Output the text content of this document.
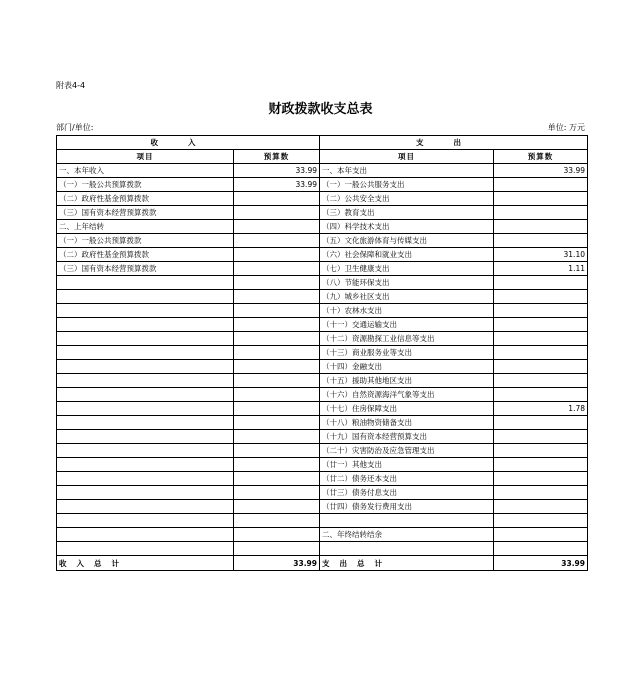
附表4-4
财政拨款收支总表
部门/单位:	单位: 万元
收入		支出	
项目	预算数	项目	预算数
一、本年收入	33.99	一、本年支出	33.99
（一）一般公共预算拨款	33.99	（一）一般公共服务支出	
（二）政府性基金预算拨款		（二）公共安全支出	
（三）国有资本经营预算拨款		（三）教育支出	
二、上年结转		（四）科学技术支出	
（一）一般公共预算拨款		（五）文化旅游体育与传媒支出	
（二）政府性基金预算拨款		（六）社会保障和就业支出	31.10
（三）国有资本经营预算拨款		（七）卫生健康支出	1.11
		（八）节能环保支出	
		（九）城乡社区支出	
		（十）农林水支出	
		（十一）交通运输支出	
		（十二）资源勘探工业信息等支出	
		（十三）商业服务业等支出	
		（十四）金融支出	
		（十五）援助其他地区支出	
		（十六）自然资源海洋气象等支出	
		（十七）住房保障支出	1.78
		（十八）粮油物资储备支出	
		（十九）国有资本经营预算支出	
		（二十）灾害防治及应急管理支出	
		（廿一）其他支出	
		（廿二）债务还本支出	
		（廿三）债务付息支出	
		（廿四）债务发行费用支出	

		二、年终结转结余	

收入总计	33.99	支出总计	33.99
